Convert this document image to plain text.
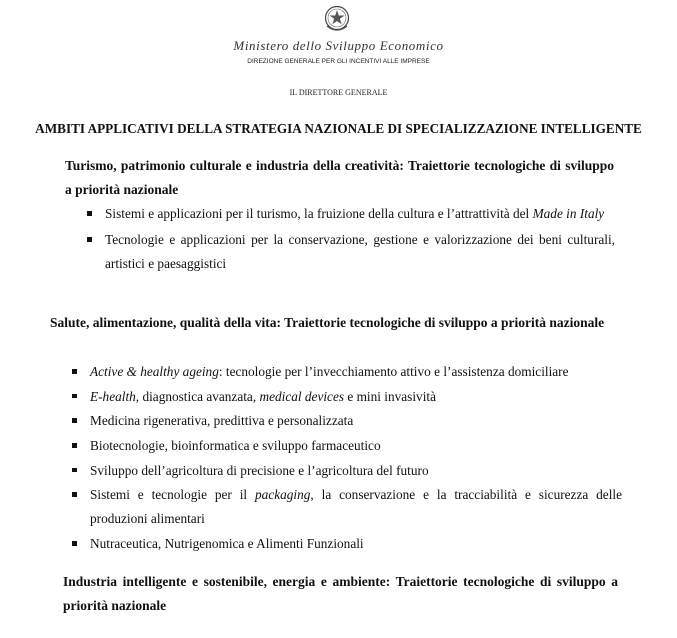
Ministero dello Sviluppo Economico
DIREZIONE GENERALE PER GLI INCENTIVI ALLE IMPRESE
IL DIRETTORE GENERALE
AMBITI APPLICATIVI DELLA STRATEGIA NAZIONALE DI SPECIALIZZAZIONE INTELLIGENTE

Turismo, patrimonio culturale e industria della creatività: Traiettorie tecnologiche di sviluppo a priorità nazionale

Sistemi e applicazioni per il turismo, la fruizione della cultura e l’attrattività del Made in Italy
Tecnologie e applicazioni per la conservazione, gestione e valorizzazione dei beni culturali, artistici e paesaggistici

Salute, alimentazione, qualità della vita: Traiettorie tecnologiche di sviluppo a priorità nazionale

Active & healthy ageing: tecnologie per l’invecchiamento attivo e l’assistenza domiciliare
E-health, diagnostica avanzata, medical devices e mini invasività
Medicina rigenerativa, predittiva e personalizzata
Biotecnologie, bioinformatica e sviluppo farmaceutico
Sviluppo dell’agricoltura di precisione e l’agricoltura del futuro
Sistemi e tecnologie per il packaging, la conservazione e la tracciabilità e sicurezza delle produzioni alimentari
Nutraceutica, Nutrigenomica e Alimenti Funzionali

Industria intelligente e sostenibile, energia e ambiente: Traiettorie tecnologiche di sviluppo a priorità nazionale
